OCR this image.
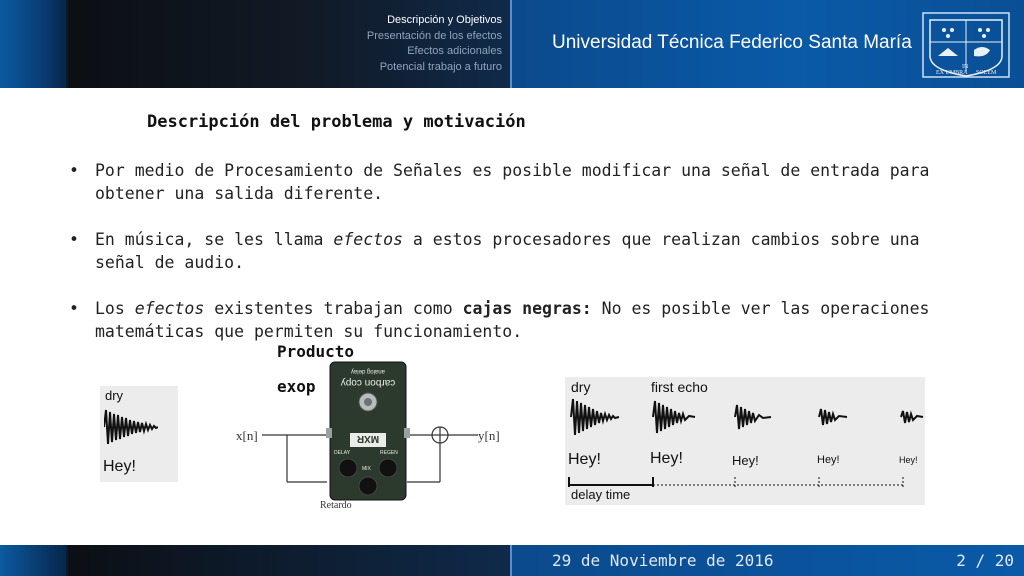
Descripción y Objetivos
Presentación de los efectos
Efectos adicionales
Potencial trabajo a futuro
Universidad Técnica Federico Santa María
EX UMBRA
IN
SOLEM
Descripción del problema y motivación
• Por medio de Procesamiento de Señales es posible modificar una señal de entrada para obtener una salida diferente.
• En música, se les llama efectos a estos procesadores que realizan cambios sobre una señal de audio.
• Los efectos existentes trabajan como cajas negras: No es posible ver las operaciones matemáticas que permiten su funcionamiento.
dry
Hey!
x[n]	y[n]
Retardo
carbon copy
analog delay
MXR
DELAY
MIX
REGEN
Producto
exop	dry	first echo
Hey!	Hey!	Hey!	Hey!	Hey!
delay time
29 de Noviembre de 2016	2 / 20
